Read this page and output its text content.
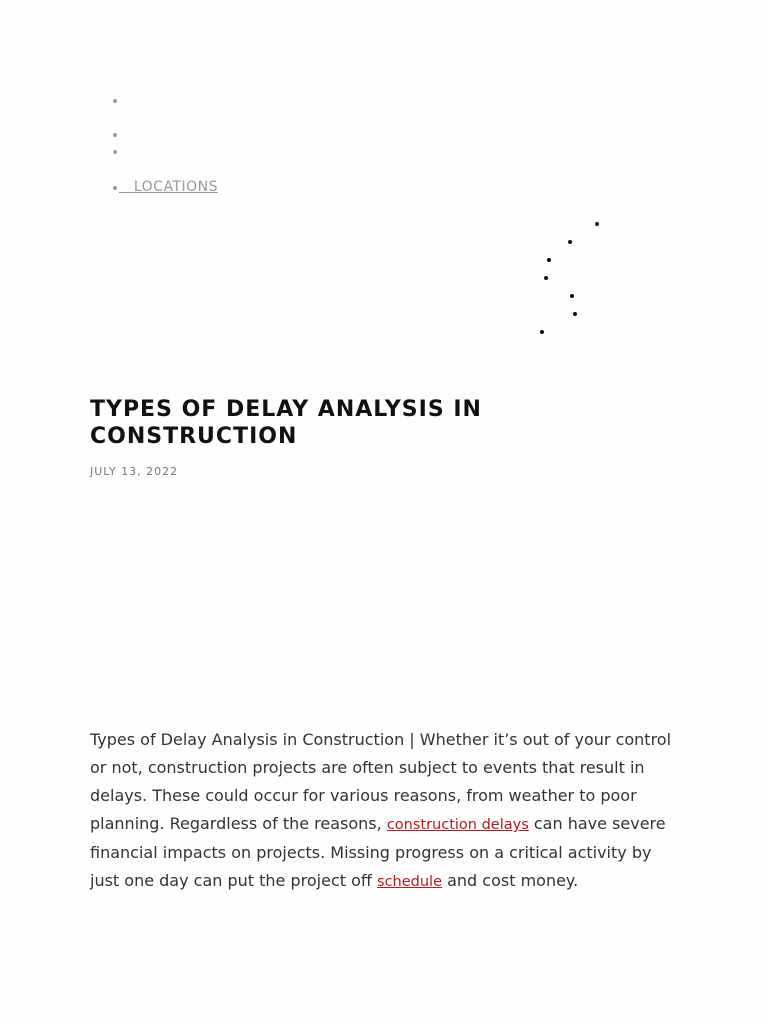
LOCATIONS
TYPES OF DELAY ANALYSIS IN CONSTRUCTION
JULY 13, 2022

Types of Delay Analysis in Construction | Whether it’s out of your control or not, construction projects are often subject to events that result in delays. These could occur for various reasons, from weather to poor planning. Regardless of the reasons, construction delays can have severe financial impacts on projects. Missing progress on a critical activity by just one day can put the project off schedule and cost money.
